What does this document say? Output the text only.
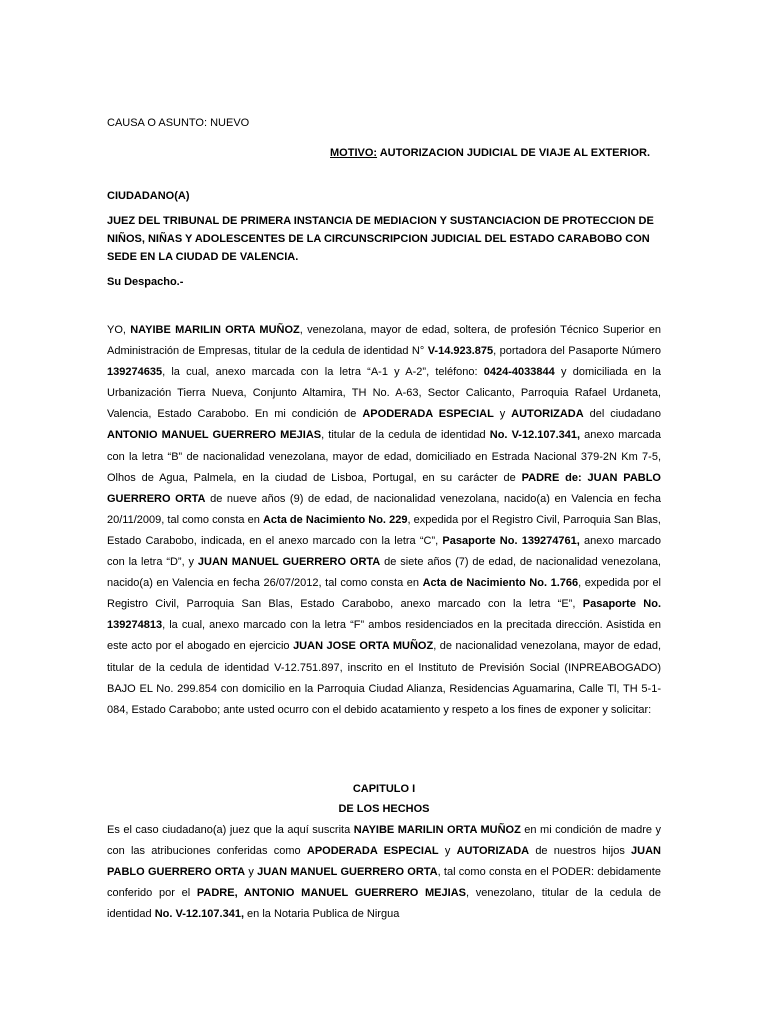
CAUSA O ASUNTO: NUEVO
MOTIVO: AUTORIZACION JUDICIAL DE VIAJE AL EXTERIOR.
CIUDADANO(A)
JUEZ DEL TRIBUNAL DE PRIMERA INSTANCIA DE MEDIACION Y SUSTANCIACION DE PROTECCION DE NIÑOS, NIÑAS Y ADOLESCENTES DE LA CIRCUNSCRIPCION JUDICIAL DEL ESTADO CARABOBO CON SEDE EN LA CIUDAD DE VALENCIA.
Su Despacho.-
YO, NAYIBE MARILIN ORTA MUÑOZ, venezolana, mayor de edad, soltera, de profesión Técnico Superior en Administración de Empresas, titular de la cedula de identidad N° V-14.923.875, portadora del Pasaporte Número 139274635, la cual, anexo marcada con la letra “A-1 y A-2”, teléfono: 0424-4033844 y domiciliada en la Urbanización Tierra Nueva, Conjunto Altamira, TH No. A-63, Sector Calicanto, Parroquia Rafael Urdaneta, Valencia, Estado Carabobo. En mi condición de APODERADA ESPECIAL y AUTORIZADA del ciudadano ANTONIO MANUEL GUERRERO MEJIAS, titular de la cedula de identidad No. V-12.107.341, anexo marcada con la letra “B” de nacionalidad venezolana, mayor de edad, domiciliado en Estrada Nacional 379-2N Km 7-5, Olhos de Agua, Palmela, en la ciudad de Lisboa, Portugal, en su carácter de PADRE de: JUAN PABLO GUERRERO ORTA de nueve años (9) de edad, de nacionalidad venezolana, nacido(a) en Valencia en fecha 20/11/2009, tal como consta en Acta de Nacimiento No. 229, expedida por el Registro Civil, Parroquia San Blas, Estado Carabobo, indicada, en el anexo marcado con la letra “C”, Pasaporte No. 139274761, anexo marcado con la letra “D”, y JUAN MANUEL GUERRERO ORTA de siete años (7) de edad, de nacionalidad venezolana, nacido(a) en Valencia en fecha 26/07/2012, tal como consta en Acta de Nacimiento No. 1.766, expedida por el Registro Civil, Parroquia San Blas, Estado Carabobo, anexo marcado con la letra “E”, Pasaporte No. 139274813, la cual, anexo marcado con la letra “F” ambos residenciados en la precitada dirección. Asistida en este acto por el abogado en ejercicio JUAN JOSE ORTA MUÑOZ, de nacionalidad venezolana, mayor de edad, titular de la cedula de identidad V-12.751.897, inscrito en el Instituto de Previsión Social (INPREABOGADO) BAJO EL No. 299.854 con domicilio en la Parroquia Ciudad Alianza, Residencias Aguamarina, Calle Tl, TH 5-1-084, Estado Carabobo; ante usted ocurro con el debido acatamiento y respeto a los fines de exponer y solicitar:
CAPITULO I
DE LOS HECHOS
Es el caso ciudadano(a) juez que la aquí suscrita NAYIBE MARILIN ORTA MUÑOZ en mi condición de madre y con las atribuciones conferidas como APODERADA ESPECIAL y AUTORIZADA de nuestros hijos JUAN PABLO GUERRERO ORTA y JUAN MANUEL GUERRERO ORTA, tal como consta en el PODER: debidamente conferido por el PADRE, ANTONIO MANUEL GUERRERO MEJIAS, venezolano, titular de la cedula de identidad No. V-12.107.341, en la Notaria Publica de Nirgua
